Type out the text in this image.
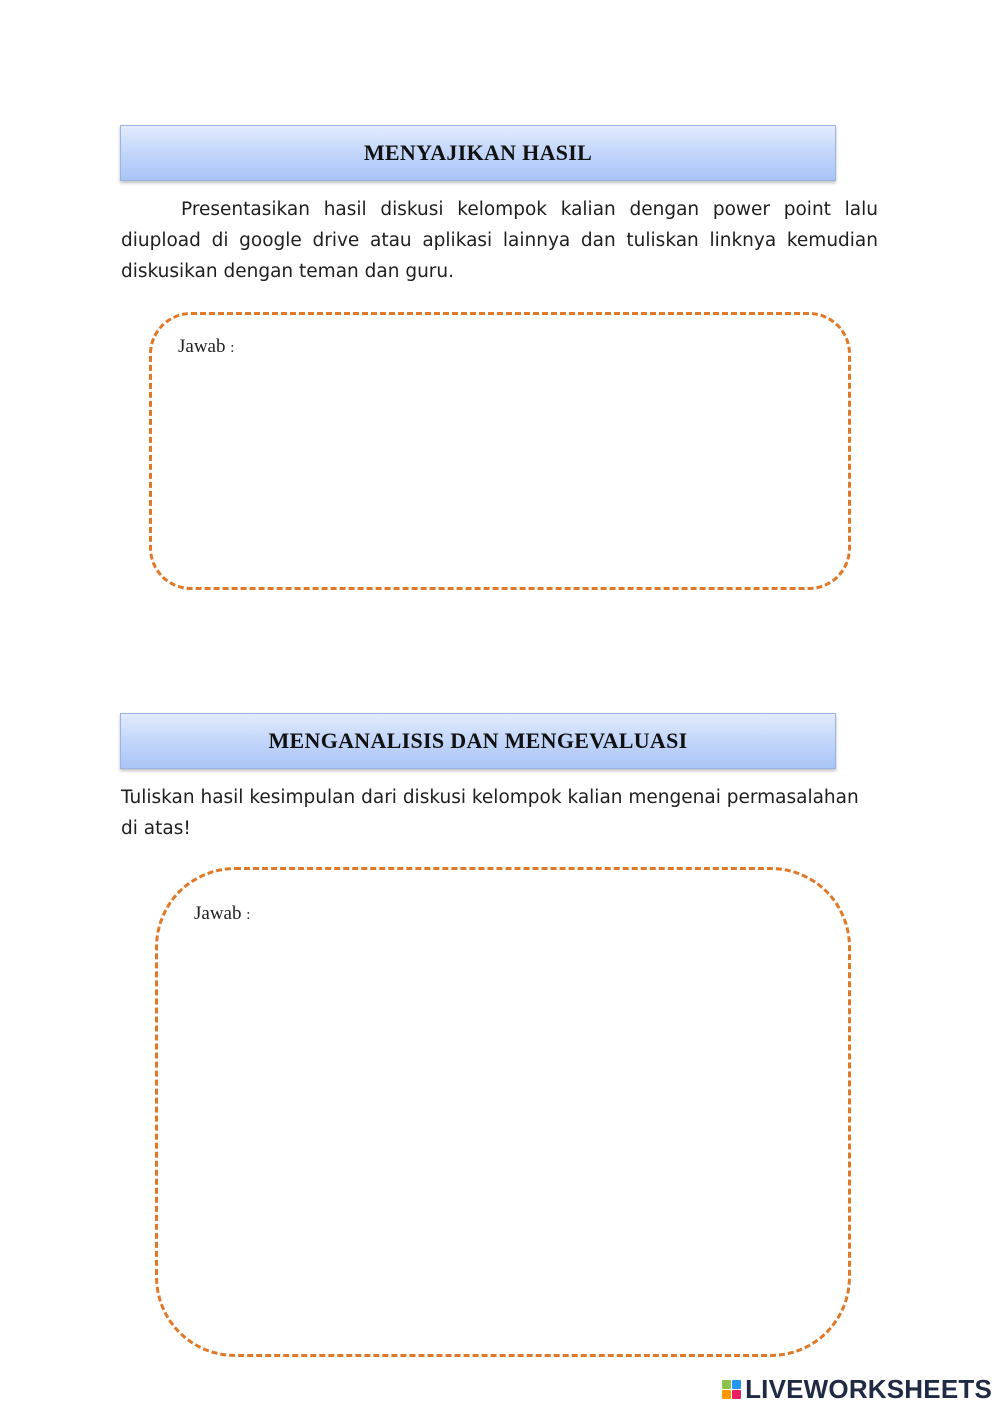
MENYAJIKAN HASIL

Presentasikan hasil diskusi kelompok kalian dengan power point lalu diupload di google drive atau aplikasi lainnya dan tuliskan linknya kemudian diskusikan dengan teman dan guru.

Jawab :
MENGANALISIS DAN MENGEVALUASI

Tuliskan hasil kesimpulan dari diskusi kelompok kalian mengenai permasalahan di atas!

Jawab :
LIVEWORKSHEETS
